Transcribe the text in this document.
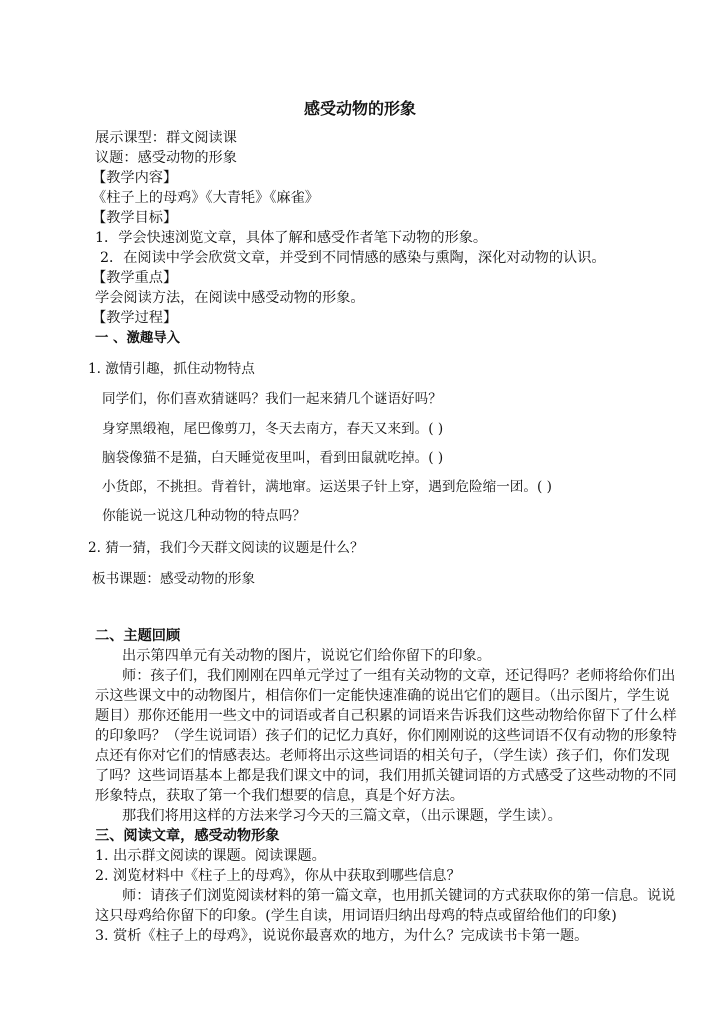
感受动物的形象
展示课型：群文阅读课
议题：感受动物的形象
【教学内容】
《柱子上的母鸡》《大青牦》《麻雀》
【教学目标】
1．学会快速浏览文章，具体了解和感受作者笔下动物的形象。
2．在阅读中学会欣赏文章，并受到不同情感的感染与熏陶，深化对动物的认识。
【教学重点】
学会阅读方法，在阅读中感受动物的形象。
【教学过程】
一 、激趣导入
1. 激情引趣，抓住动物特点
同学们，你们喜欢猜谜吗？我们一起来猜几个谜语好吗？
身穿黑缎袍，尾巴像剪刀，冬天去南方，春天又来到。( )
脑袋像猫不是猫，白天睡觉夜里叫，看到田鼠就吃掉。( )
小货郎，不挑担。背着针，满地窜。运送果子针上穿，遇到危险缩一团。( )
你能说一说这几种动物的特点吗？
2. 猜一猜，我们今天群文阅读的议题是什么？
板书课题：感受动物的形象
二、主题回顾
出示第四单元有关动物的图片，说说它们给你留下的印象。
师：孩子们，我们刚刚在四单元学过了一组有关动物的文章，还记得吗？老师将给你们出
示这些课文中的动物图片，相信你们一定能快速准确的说出它们的题目。（出示图片，学生说
题目）那你还能用一些文中的词语或者自己积累的词语来告诉我们这些动物给你留下了什么样
的印象吗？（学生说词语）孩子们的记忆力真好，你们刚刚说的这些词语不仅有动物的形象特
点还有你对它们的情感表达。老师将出示这些词语的相关句子，（学生读）孩子们，你们发现
了吗？这些词语基本上都是我们课文中的词，我们用抓关键词语的方式感受了这些动物的不同
形象特点，获取了第一个我们想要的信息，真是个好方法。
那我们将用这样的方法来学习今天的三篇文章，（出示课题，学生读）。
三、阅读文章，感受动物形象
1. 出示群文阅读的课题。阅读课题。
2. 浏览材料中《柱子上的母鸡》，你从中获取到哪些信息？
师：请孩子们浏览阅读材料的第一篇文章，也用抓关键词的方式获取你的第一信息。说说
这只母鸡给你留下的印象。(学生自读，用词语归纳出母鸡的特点或留给他们的印象)
3. 赏析《柱子上的母鸡》，说说你最喜欢的地方，为什么？完成读书卡第一题。
